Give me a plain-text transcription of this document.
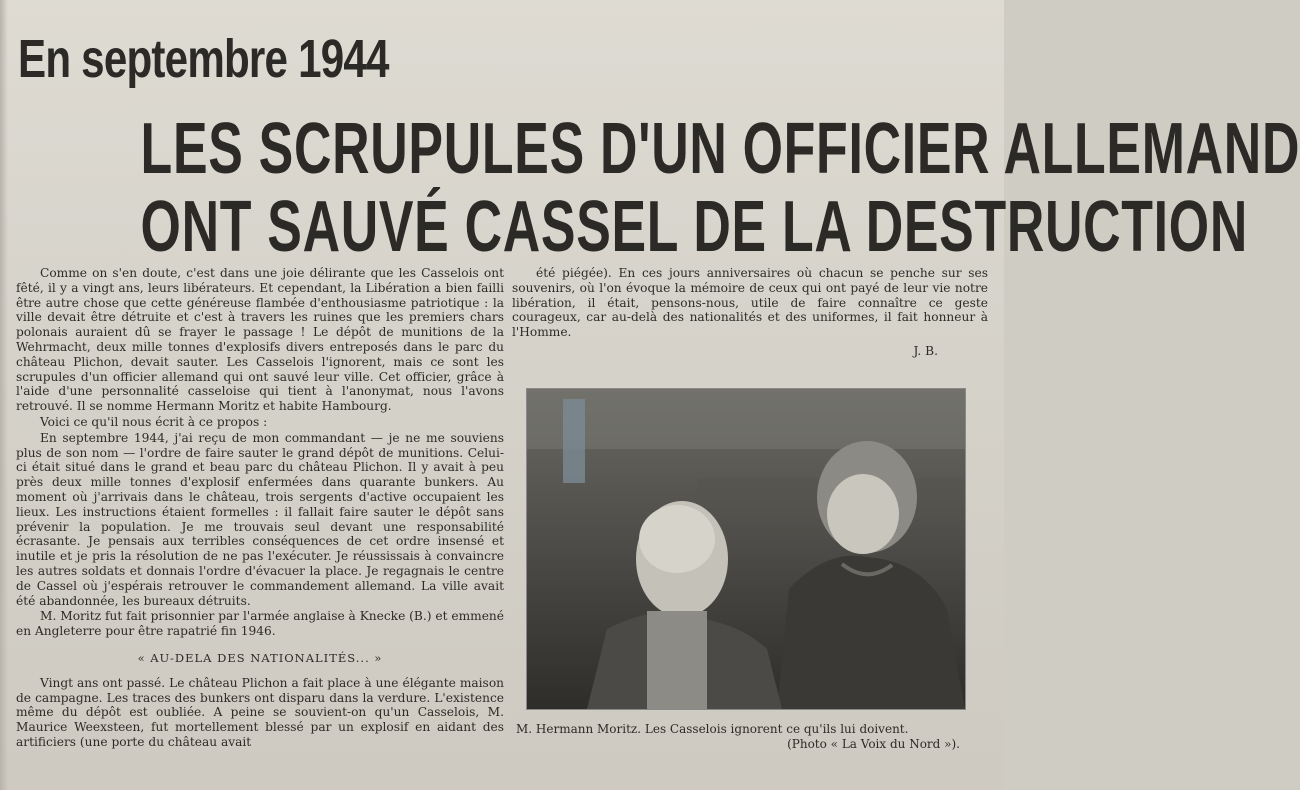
En septembre 1944
LES SCRUPULES D'UN OFFICIER ALLEMAND
ONT SAUVÉ CASSEL DE LA DESTRUCTION

Comme on s'en doute, c'est dans une joie délirante que les Casselois ont fêté, il y a vingt ans, leurs libérateurs. Et cependant, la Libération a bien failli être autre chose que cette généreuse flambée d'enthousiasme patriotique : la ville devait être détruite et c'est à travers les ruines que les premiers chars polonais auraient dû se frayer le passage ! Le dépôt de munitions de la Wehrmacht, deux mille tonnes d'explosifs divers entreposés dans le parc du château Plichon, devait sauter. Les Casselois l'ignorent, mais ce sont les scrupules d'un officier allemand qui ont sauvé leur ville. Cet officier, grâce à l'aide d'une personnalité casseloise qui tient à l'anonymat, nous l'avons retrouvé. Il se nomme Hermann Moritz et habite Hambourg.

Voici ce qu'il nous écrit à ce propos :

En septembre 1944, j'ai reçu de mon commandant — je ne me souviens plus de son nom — l'ordre de faire sauter le grand dépôt de munitions. Celui-ci était situé dans le grand et beau parc du château Plichon. Il y avait à peu près deux mille tonnes d'explosif enfermées dans quarante bunkers. Au moment où j'arrivais dans le château, trois sergents d'active occupaient les lieux. Les instructions étaient formelles : il fallait faire sauter le dépôt sans prévenir la population. Je me trouvais seul devant une responsabilité écrasante. Je pensais aux terribles conséquences de cet ordre insensé et inutile et je pris la résolution de ne pas l'exécuter. Je réussissais à convaincre les autres soldats et donnais l'ordre d'évacuer la place. Je regagnais le centre de Cassel où j'espérais retrouver le commandement allemand. La ville avait été abandonnée, les bureaux détruits.

M. Moritz fut fait prisonnier par l'armée anglaise à Knecke (B.) et emmené en Angleterre pour être rapatrié fin 1946.

« AU-DELA DES NATIONALITÉS... »

Vingt ans ont passé. Le château Plichon a fait place à une élégante maison de campagne. Les traces des bunkers ont disparu dans la verdure. L'existence même du dépôt est oubliée. A peine se souvient-on qu'un Casselois, M. Maurice Weexsteen, fut mortellement blessé par un explosif en aidant des artificiers (une porte du château avait

été piégée). En ces jours anniversaires où chacun se penche sur ses souvenirs, où l'on évoque la mémoire de ceux qui ont payé de leur vie notre libération, il était, pensons-nous, utile de faire connaître ce geste courageux, car au-delà des nationalités et des uniformes, il fait honneur à l'Homme.

J. B.

M. Hermann Moritz. Les Casselois ignorent ce qu'ils lui doivent.
(Photo « La Voix du Nord »).
